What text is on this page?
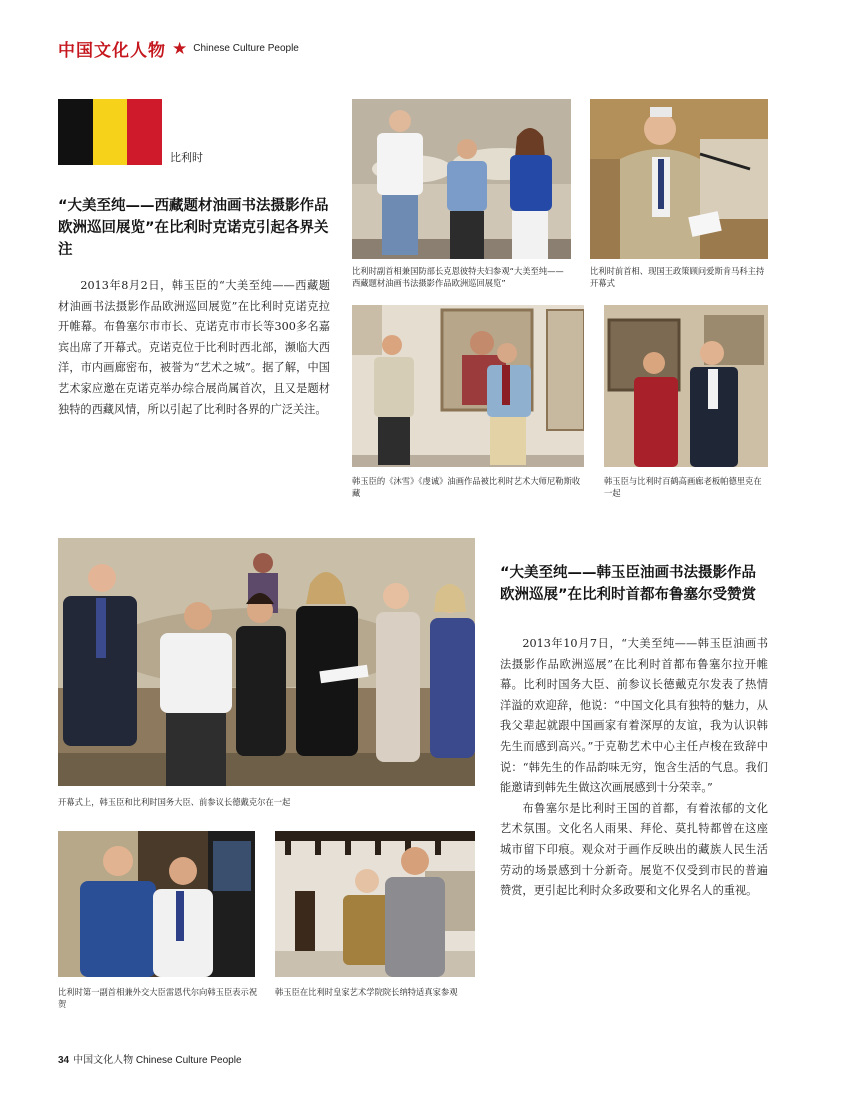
中国文化人物 ★ Chinese Culture People
比利时
“大美至纯——西藏题材油画书法摄影作品欧洲巡回展览”在比利时克诺克引起各界关注

2013年8月2日，韩玉臣的“大美至纯——西藏题材油画书法摄影作品欧洲巡回展览”在比利时克诺克拉开帷幕。布鲁塞尔市市长、克诺克市市长等300多名嘉宾出席了开幕式。克诺克位于比利时西北部，濒临大西洋，市内画廊密布，被誉为“艺术之城”。据了解，中国艺术家应邀在克诺克举办综合展尚属首次，且又是题材独特的西藏风情，所以引起了比利时各界的广泛关注。

比利时副首相兼国防部长克恩彼特夫妇参观“大美至纯——西藏题材油画书法摄影作品欧洲巡回展览”
比利时前首相、现国王政策顾问爱斯肯马科主持开幕式
韩玉臣的《沐雪》《虔诚》油画作品被比利时艺术大师尼勒斯收藏
韩玉臣与比利时百鹤高画廊老板帕德里克在一起
开幕式上，韩玉臣和比利时国务大臣、前参议长德戴克尔在一起
比利时第一副首相兼外交大臣雷恩代尔向韩玉臣表示祝贺
韩玉臣在比利时皇家艺术学院院长纳特适真家参观
“大美至纯——韩玉臣油画书法摄影作品欧洲巡展”在比利时首都布鲁塞尔受赞赏

2013年10月7日，“大美至纯——韩玉臣油画书法摄影作品欧洲巡展”在比利时首都布鲁塞尔拉开帷幕。比利时国务大臣、前参议长德戴克尔发表了热情洋溢的欢迎辞，他说：“中国文化具有独特的魅力，从我父辈起就跟中国画家有着深厚的友谊，我为认识韩先生而感到高兴。”于克勒艺术中心主任卢梭在致辞中说：“韩先生的作品韵味无穷，饱含生活的气息。我们能邀请到韩先生做这次画展感到十分荣幸。”

布鲁塞尔是比利时王国的首都，有着浓郁的文化艺术氛围。文化名人雨果、拜伦、莫扎特都曾在这座城市留下印痕。观众对于画作反映出的藏族人民生活劳动的场景感到十分新奇。展览不仅受到市民的普遍赞赏，更引起比利时众多政要和文化界名人的重视。

34 中国文化人物 Chinese Culture People
